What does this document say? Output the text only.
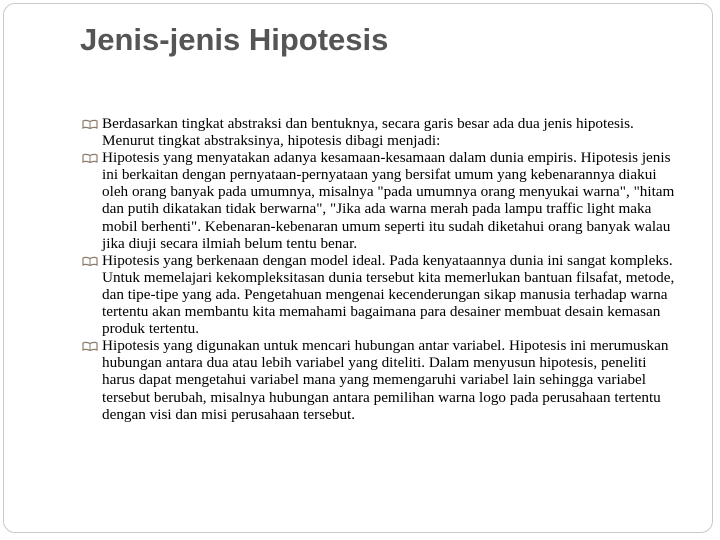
Jenis-jenis Hipotesis
Berdasarkan tingkat abstraksi dan bentuknya, secara garis besar ada dua jenis hipotesis. Menurut tingkat abstraksinya, hipotesis dibagi menjadi:
Hipotesis yang menyatakan adanya kesamaan-kesamaan dalam dunia empiris. Hipotesis jenis ini berkaitan dengan pernyataan-pernyataan yang bersifat umum yang kebenarannya diakui oleh orang banyak pada umumnya, misalnya "pada umumnya orang menyukai warna", "hitam dan putih dikatakan tidak berwarna", "Jika ada warna merah pada lampu traffic light maka mobil berhenti". Kebenaran-kebenaran umum seperti itu sudah diketahui orang banyak walau jika diuji secara ilmiah belum tentu benar.
Hipotesis yang berkenaan dengan model ideal. Pada kenyataannya dunia ini sangat kompleks. Untuk memelajari kekompleksitasan dunia tersebut kita memerlukan bantuan filsafat, metode, dan tipe-tipe yang ada. Pengetahuan mengenai kecenderungan sikap manusia terhadap warna tertentu akan membantu kita memahami bagaimana para desainer membuat desain kemasan produk tertentu.
Hipotesis yang digunakan untuk mencari hubungan antar variabel. Hipotesis ini merumuskan hubungan antara dua atau lebih variabel yang diteliti. Dalam menyusun hipotesis, peneliti harus dapat mengetahui variabel mana yang memengaruhi variabel lain sehingga variabel tersebut berubah, misalnya hubungan antara pemilihan warna logo pada perusahaan tertentu dengan visi dan misi perusahaan tersebut.
